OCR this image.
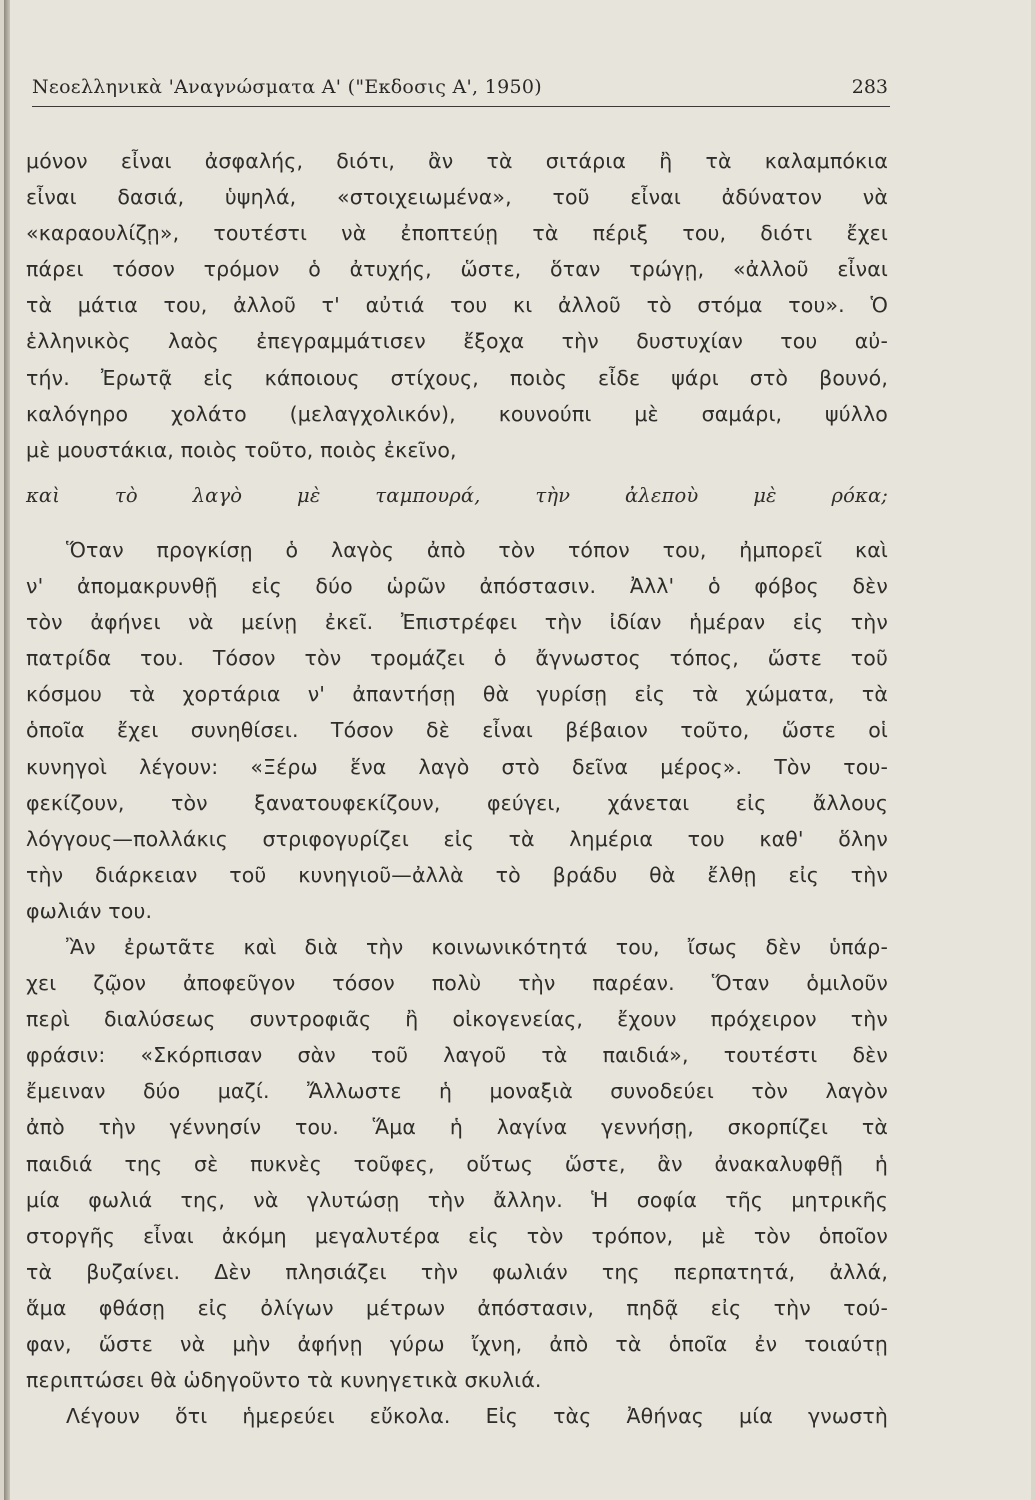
Νεοελληνικὰ 'Αναγνώσματα Α' ("Εκδοσις Α', 1950)	283

μόνον εἶναι ἀσφαλής, διότι, ἂν τὰ σιτάρια ἢ τὰ καλαμπόκια

εἶναι δασιά, ὑψηλά, «στοιχειωμένα», τοῦ εἶναι ἀδύνατον νὰ

«καραουλίζῃ», τουτέστι νὰ ἐποπτεύῃ τὰ πέριξ του, διότι ἔχει

πάρει τόσον τρόμον ὁ ἀτυχής, ὥστε, ὅταν τρώγῃ, «ἀλλοῦ εἶναι

τὰ μάτια του, ἀλλοῦ τ' αὐτιά του κι ἀλλοῦ τὸ στόμα του». Ὁ

ἑλληνικὸς λαὸς ἐπεγραμμάτισεν ἔξοχα τὴν δυστυχίαν του αὐ-

τήν. Ἐρωτᾷ εἰς κάποιους στίχους, ποιὸς εἶδε ψάρι στὸ βουνό,

καλόγηρο χολάτο (μελαγχολικόν), κουνούπι μὲ σαμάρι, ψύλλο

μὲ μουστάκια, ποιὸς τοῦτο, ποιὸς ἐκεῖνο,

καὶ τὸ λαγὸ μὲ ταμπουρά, τὴν ἀλεποὺ μὲ ρόκα;

Ὅταν προγκίσῃ ὁ λαγὸς ἀπὸ τὸν τόπον του, ἠμπορεῖ καὶ

ν' ἀπομακρυνθῇ εἰς δύο ὡρῶν ἀπόστασιν. Ἀλλ' ὁ φόβος δὲν

τὸν ἀφήνει νὰ μείνῃ ἐκεῖ. Ἐπιστρέφει τὴν ἰδίαν ἡμέραν εἰς τὴν

πατρίδα του. Τόσον τὸν τρομάζει ὁ ἄγνωστος τόπος, ὥστε τοῦ

κόσμου τὰ χορτάρια ν' ἀπαντήσῃ θὰ γυρίσῃ εἰς τὰ χώματα, τὰ

ὁποῖα ἔχει συνηθίσει. Τόσον δὲ εἶναι βέβαιον τοῦτο, ὥστε οἱ

κυνηγοὶ λέγουν: «Ξέρω ἕνα λαγὸ στὸ δεῖνα μέρος». Τὸν του-

φεκίζουν, τὸν ξανατουφεκίζουν, φεύγει, χάνεται εἰς ἄλλους

λόγγους—πολλάκις στριφογυρίζει εἰς τὰ λημέρια του καθ' ὅλην

τὴν διάρκειαν τοῦ κυνηγιοῦ—ἀλλὰ τὸ βράδυ θὰ ἔλθῃ εἰς τὴν

φωλιάν του.

Ἂν ἐρωτᾶτε καὶ διὰ τὴν κοινωνικότητά του, ἴσως δὲν ὑπάρ-

χει ζῷον ἀποφεῦγον τόσον πολὺ τὴν παρέαν. Ὅταν ὁμιλοῦν

περὶ διαλύσεως συντροφιᾶς ἢ οἰκογενείας, ἔχουν πρόχειρον τὴν

φράσιν: «Σκόρπισαν σὰν τοῦ λαγοῦ τὰ παιδιά», τουτέστι δὲν

ἔμειναν δύο μαζί. Ἄλλωστε ἡ μοναξιὰ συνοδεύει τὸν λαγὸν

ἀπὸ τὴν γέννησίν του. Ἅμα ἡ λαγίνα γεννήσῃ, σκορπίζει τὰ

παιδιά της σὲ πυκνὲς τοῦφες, οὕτως ὥστε, ἂν ἀνακαλυφθῇ ἡ

μία φωλιά της, νὰ γλυτώσῃ τὴν ἄλλην. Ἡ σοφία τῆς μητρικῆς

στοργῆς εἶναι ἀκόμη μεγαλυτέρα εἰς τὸν τρόπον, μὲ τὸν ὁποῖον

τὰ βυζαίνει. Δὲν πλησιάζει τὴν φωλιάν της περπατητά, ἀλλά,

ἅμα φθάσῃ εἰς ὀλίγων μέτρων ἀπόστασιν, πηδᾷ εἰς τὴν τού-

φαν, ὥστε νὰ μὴν ἀφήνῃ γύρω ἴχνη, ἀπὸ τὰ ὁποῖα ἐν τοιαύτῃ

περιπτώσει θὰ ὡδηγοῦντο τὰ κυνηγετικὰ σκυλιά.

Λέγουν ὅτι ἡμερεύει εὔκολα. Εἰς τὰς Ἀθήνας μία γνωστὴ
